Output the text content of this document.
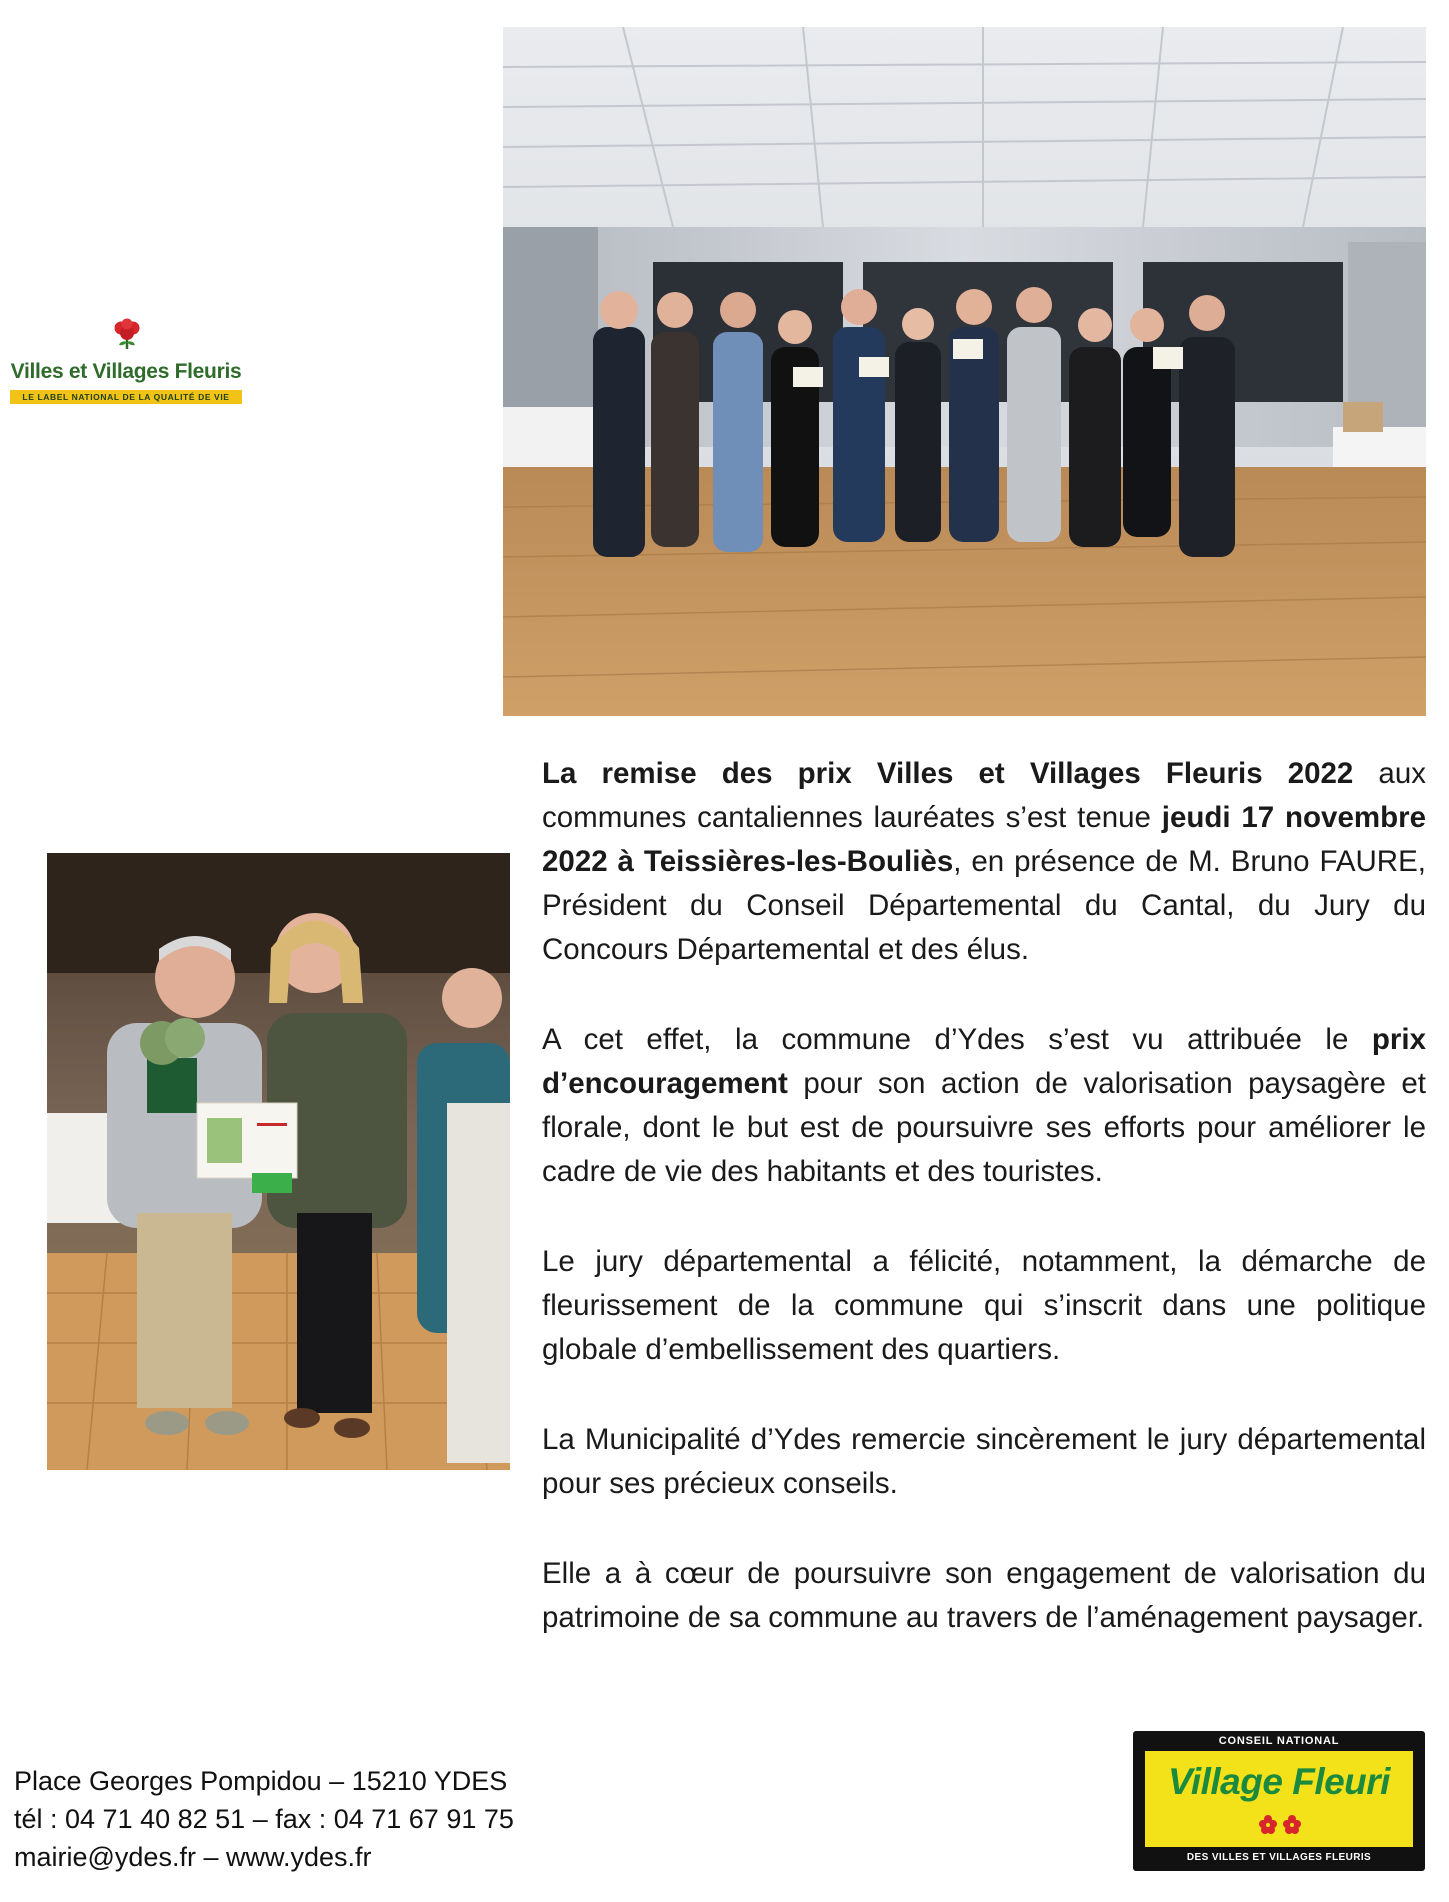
Villes et Villages Fleuris
LE LABEL NATIONAL DE LA QUALITÉ DE VIE

La remise des prix Villes et Villages Fleuris 2022 aux communes cantaliennes lauréates s’est tenue jeudi 17 novembre 2022 à Teissières-les-Bouliès, en présence de M. Bruno FAURE, Président du Conseil Départemental du Cantal, du Jury du Concours Départemental et des élus.

A cet effet, la commune d’Ydes s’est vu attribuée le prix d’encouragement pour son action de valorisation paysagère et florale, dont le but est de poursuivre ses efforts pour améliorer le cadre de vie des habitants et des touristes.

Le jury départemental a félicité, notamment, la démarche de fleurissement de la commune qui s’inscrit dans une politique globale d’embellissement des quartiers.

La Municipalité d’Ydes remercie sincèrement le jury départemental pour ses précieux conseils.

Elle a à cœur de poursuivre son engagement de valorisation du patrimoine de sa commune au travers de l’aménagement paysager.

Place Georges Pompidou – 15210 YDES
tél : 04 71 40 82 51 – fax : 04 71 67 91 75
mairie@ydes.fr – www.ydes.fr
CONSEIL NATIONAL
Village Fleuri
DES VILLES ET VILLAGES FLEURIS
